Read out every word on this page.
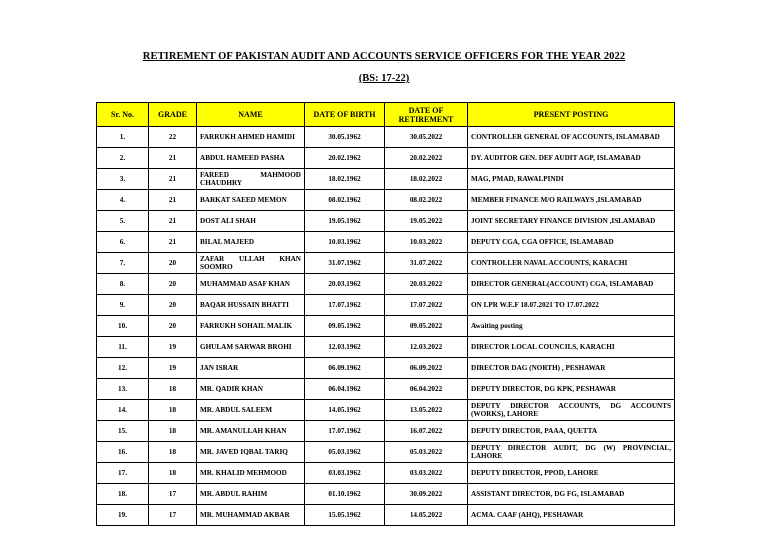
RETIREMENT OF PAKISTAN AUDIT AND ACCOUNTS SERVICE OFFICERS FOR THE YEAR 2022
(BS: 17-22)
Sr. No.	GRADE	NAME	DATE OF BIRTH	DATE OF RETIREMENT	PRESENT POSTING
1.	22	FARRUKH AHMED HAMIDI	30.05.1962	30.05.2022	CONTROLLER GENERAL OF ACCOUNTS, ISLAMABAD
2.	21	ABDUL HAMEED PASHA	20.02.1962	20.02.2022	DY. AUDITOR GEN. DEF AUDIT AGP, ISLAMABAD
3.	21	FAREED MAHMOOD CHAUDHRY	18.02.1962	18.02.2022	MAG, PMAD, RAWALPINDI
4.	21	BARKAT SAEED MEMON	08.02.1962	08.02.2022	MEMBER FINANCE M/O RAILWAYS ,ISLAMABAD
5.	21	DOST ALI SHAH	19.05.1962	19.05.2022	JOINT SECRETARY FINANCE DIVISION ,ISLAMABAD
6.	21	BILAL MAJEED	10.03.1962	10.03.2022	DEPUTY CGA, CGA OFFICE, ISLAMABAD
7.	20	ZAFAR ULLAH KHAN SOOMRO	31.07.1962	31.07.2022	CONTROLLER NAVAL ACCOUNTS, KARACHI
8.	20	MUHAMMAD ASAF KHAN	20.03.1962	20.03.2022	DIRECTOR GENERAL(ACCOUNT) CGA, ISLAMABAD
9.	20	BAQAR HUSSAIN BHATTI	17.07.1962	17.07.2022	ON LPR W.E.F 18.07.2021 TO 17.07.2022
10.	20	FARRUKH SOHAIL MALIK	09.05.1962	09.05.2022	Awaiting posting
11.	19	GHULAM SARWAR BROHI	12.03.1962	12.03.2022	DIRECTOR LOCAL COUNCILS, KARACHI
12.	19	JAN ISRAR	06.09.1962	06.09.2022	DIRECTOR DAG (NORTH) , PESHAWAR
13.	18	MR. QADIR KHAN	06.04.1962	06.04.2022	DEPUTY DIRECTOR, DG KPK, PESHAWAR
14.	18	MR. ABDUL SALEEM	14.05.1962	13.05.2022	DEPUTY DIRECTOR ACCOUNTS, DG ACCOUNTS (WORKS), LAHORE
15.	18	MR. AMANULLAH KHAN	17.07.1962	16.07.2022	DEPUTY DIRECTOR, PAAA, QUETTA
16.	18	MR. JAVED IQBAL TARIQ	05.03.1962	05.03.2022	DEPUTY DIRECTOR AUDIT, DG (W) PROVINCIAL, LAHORE
17.	18	MR. KHALID MEHMOOD	03.03.1962	03.03.2022	DEPUTY DIRECTOR, PPOD, LAHORE
18.	17	MR. ABDUL RAHIM	01.10.1962	30.09.2022	ASSISTANT DIRECTOR, DG FG, ISLAMABAD
19.	17	MR. MUHAMMAD AKBAR	15.05.1962	14.05.2022	ACMA. CAAF (AHQ), PESHAWAR
